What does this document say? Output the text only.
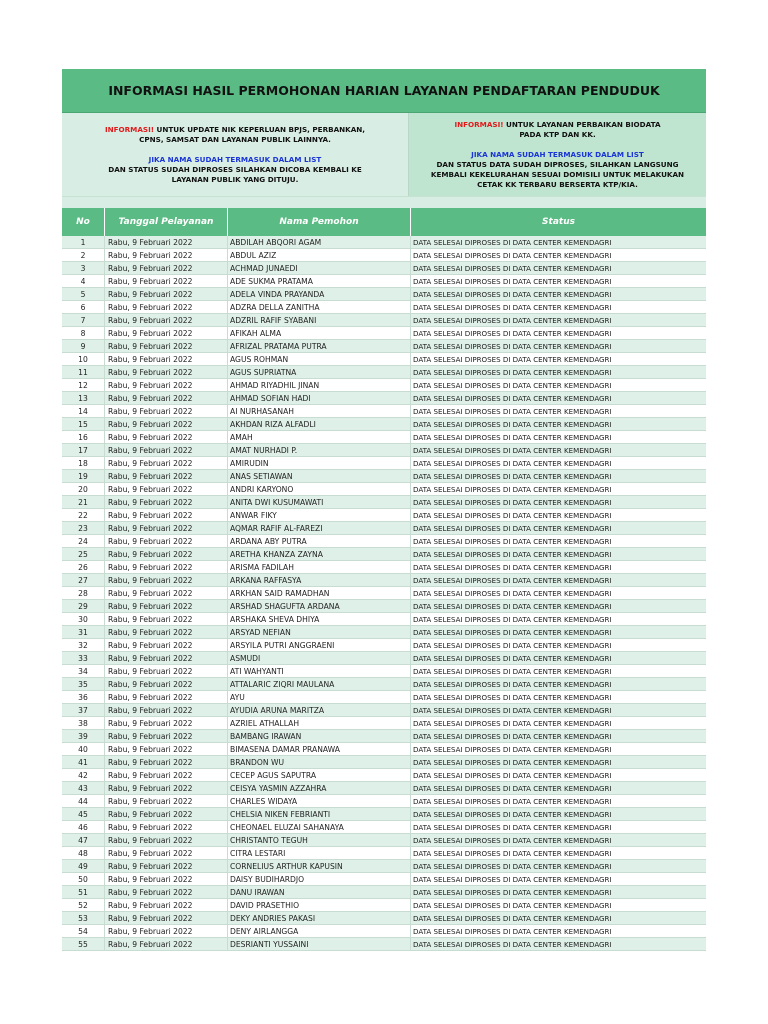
INFORMASI HASIL PERMOHONAN HARIAN LAYANAN PENDAFTARAN PENDUDUK
INFORMASI! UNTUK UPDATE NIK KEPERLUAN BPJS, PERBANKAN,
CPNS, SAMSAT DAN LAYANAN PUBLIK LAINNYA.
JIKA NAMA SUDAH TERMASUK DALAM LIST
DAN STATUS SUDAH DIPROSES SILAHKAN DICOBA KEMBALI KE
LAYANAN PUBLIK YANG DITUJU.
INFORMASI! UNTUK LAYANAN PERBAIKAN BIODATA
PADA KTP DAN KK.
JIKA NAMA SUDAH TERMASUK DALAM LIST
DAN STATUS DATA SUDAH DIPROSES, SILAHKAN LANGSUNG
KEMBALI KEKELURAHAN SESUAI DOMISILI UNTUK MELAKUKAN
CETAK KK TERBARU BERSERTA KTP/KIA.
No	Tanggal Pelayanan	Nama Pemohon	Status
1	Rabu, 9 Februari 2022	ABDILAH ABQORI AGAM	DATA SELESAI DIPROSES DI DATA CENTER KEMENDAGRI
2	Rabu, 9 Februari 2022	ABDUL AZIZ	DATA SELESAI DIPROSES DI DATA CENTER KEMENDAGRI
3	Rabu, 9 Februari 2022	ACHMAD JUNAEDI	DATA SELESAI DIPROSES DI DATA CENTER KEMENDAGRI
4	Rabu, 9 Februari 2022	ADE SUKMA PRATAMA	DATA SELESAI DIPROSES DI DATA CENTER KEMENDAGRI
5	Rabu, 9 Februari 2022	ADELA VINDA PRAYANDA	DATA SELESAI DIPROSES DI DATA CENTER KEMENDAGRI
6	Rabu, 9 Februari 2022	ADZRA DELLA ZANITHA	DATA SELESAI DIPROSES DI DATA CENTER KEMENDAGRI
7	Rabu, 9 Februari 2022	ADZRIL RAFIF SYABANI	DATA SELESAI DIPROSES DI DATA CENTER KEMENDAGRI
8	Rabu, 9 Februari 2022	AFIKAH ALMA	DATA SELESAI DIPROSES DI DATA CENTER KEMENDAGRI
9	Rabu, 9 Februari 2022	AFRIZAL PRATAMA PUTRA	DATA SELESAI DIPROSES DI DATA CENTER KEMENDAGRI
10	Rabu, 9 Februari 2022	AGUS ROHMAN	DATA SELESAI DIPROSES DI DATA CENTER KEMENDAGRI
11	Rabu, 9 Februari 2022	AGUS SUPRIATNA	DATA SELESAI DIPROSES DI DATA CENTER KEMENDAGRI
12	Rabu, 9 Februari 2022	AHMAD RIYADHIL JINAN	DATA SELESAI DIPROSES DI DATA CENTER KEMENDAGRI
13	Rabu, 9 Februari 2022	AHMAD SOFIAN HADI	DATA SELESAI DIPROSES DI DATA CENTER KEMENDAGRI
14	Rabu, 9 Februari 2022	AI NURHASANAH	DATA SELESAI DIPROSES DI DATA CENTER KEMENDAGRI
15	Rabu, 9 Februari 2022	AKHDAN RIZA ALFADLI	DATA SELESAI DIPROSES DI DATA CENTER KEMENDAGRI
16	Rabu, 9 Februari 2022	AMAH	DATA SELESAI DIPROSES DI DATA CENTER KEMENDAGRI
17	Rabu, 9 Februari 2022	AMAT NURHADI P.	DATA SELESAI DIPROSES DI DATA CENTER KEMENDAGRI
18	Rabu, 9 Februari 2022	AMIRUDIN	DATA SELESAI DIPROSES DI DATA CENTER KEMENDAGRI
19	Rabu, 9 Februari 2022	ANAS SETIAWAN	DATA SELESAI DIPROSES DI DATA CENTER KEMENDAGRI
20	Rabu, 9 Februari 2022	ANDRI KARYONO	DATA SELESAI DIPROSES DI DATA CENTER KEMENDAGRI
21	Rabu, 9 Februari 2022	ANITA DWI KUSUMAWATI	DATA SELESAI DIPROSES DI DATA CENTER KEMENDAGRI
22	Rabu, 9 Februari 2022	ANWAR FIKY	DATA SELESAI DIPROSES DI DATA CENTER KEMENDAGRI
23	Rabu, 9 Februari 2022	AQMAR RAFIF AL-FAREZI	DATA SELESAI DIPROSES DI DATA CENTER KEMENDAGRI
24	Rabu, 9 Februari 2022	ARDANA ABY PUTRA	DATA SELESAI DIPROSES DI DATA CENTER KEMENDAGRI
25	Rabu, 9 Februari 2022	ARETHA KHANZA ZAYNA	DATA SELESAI DIPROSES DI DATA CENTER KEMENDAGRI
26	Rabu, 9 Februari 2022	ARISMA FADILAH	DATA SELESAI DIPROSES DI DATA CENTER KEMENDAGRI
27	Rabu, 9 Februari 2022	ARKANA RAFFASYA	DATA SELESAI DIPROSES DI DATA CENTER KEMENDAGRI
28	Rabu, 9 Februari 2022	ARKHAN SAID RAMADHAN	DATA SELESAI DIPROSES DI DATA CENTER KEMENDAGRI
29	Rabu, 9 Februari 2022	ARSHAD SHAGUFTA ARDANA	DATA SELESAI DIPROSES DI DATA CENTER KEMENDAGRI
30	Rabu, 9 Februari 2022	ARSHAKA SHEVA DHIYA	DATA SELESAI DIPROSES DI DATA CENTER KEMENDAGRI
31	Rabu, 9 Februari 2022	ARSYAD NEFIAN	DATA SELESAI DIPROSES DI DATA CENTER KEMENDAGRI
32	Rabu, 9 Februari 2022	ARSYILA PUTRI ANGGRAENI	DATA SELESAI DIPROSES DI DATA CENTER KEMENDAGRI
33	Rabu, 9 Februari 2022	ASMUDI	DATA SELESAI DIPROSES DI DATA CENTER KEMENDAGRI
34	Rabu, 9 Februari 2022	ATI WAHYANTI	DATA SELESAI DIPROSES DI DATA CENTER KEMENDAGRI
35	Rabu, 9 Februari 2022	ATTALARIC ZIQRI MAULANA	DATA SELESAI DIPROSES DI DATA CENTER KEMENDAGRI
36	Rabu, 9 Februari 2022	AYU	DATA SELESAI DIPROSES DI DATA CENTER KEMENDAGRI
37	Rabu, 9 Februari 2022	AYUDIA ARUNA MARITZA	DATA SELESAI DIPROSES DI DATA CENTER KEMENDAGRI
38	Rabu, 9 Februari 2022	AZRIEL ATHALLAH	DATA SELESAI DIPROSES DI DATA CENTER KEMENDAGRI
39	Rabu, 9 Februari 2022	BAMBANG IRAWAN	DATA SELESAI DIPROSES DI DATA CENTER KEMENDAGRI
40	Rabu, 9 Februari 2022	BIMASENA DAMAR PRANAWA	DATA SELESAI DIPROSES DI DATA CENTER KEMENDAGRI
41	Rabu, 9 Februari 2022	BRANDON WU	DATA SELESAI DIPROSES DI DATA CENTER KEMENDAGRI
42	Rabu, 9 Februari 2022	CECEP AGUS SAPUTRA	DATA SELESAI DIPROSES DI DATA CENTER KEMENDAGRI
43	Rabu, 9 Februari 2022	CEISYA YASMIN AZZAHRA	DATA SELESAI DIPROSES DI DATA CENTER KEMENDAGRI
44	Rabu, 9 Februari 2022	CHARLES WIDAYA	DATA SELESAI DIPROSES DI DATA CENTER KEMENDAGRI
45	Rabu, 9 Februari 2022	CHELSIA NIKEN FEBRIANTI	DATA SELESAI DIPROSES DI DATA CENTER KEMENDAGRI
46	Rabu, 9 Februari 2022	CHEONAEL ELUZAI SAHANAYA	DATA SELESAI DIPROSES DI DATA CENTER KEMENDAGRI
47	Rabu, 9 Februari 2022	CHRISTANTO TEGUH	DATA SELESAI DIPROSES DI DATA CENTER KEMENDAGRI
48	Rabu, 9 Februari 2022	CITRA LESTARI	DATA SELESAI DIPROSES DI DATA CENTER KEMENDAGRI
49	Rabu, 9 Februari 2022	CORNELIUS ARTHUR KAPUSIN	DATA SELESAI DIPROSES DI DATA CENTER KEMENDAGRI
50	Rabu, 9 Februari 2022	DAISY BUDIHARDJO	DATA SELESAI DIPROSES DI DATA CENTER KEMENDAGRI
51	Rabu, 9 Februari 2022	DANU IRAWAN	DATA SELESAI DIPROSES DI DATA CENTER KEMENDAGRI
52	Rabu, 9 Februari 2022	DAVID PRASETHIO	DATA SELESAI DIPROSES DI DATA CENTER KEMENDAGRI
53	Rabu, 9 Februari 2022	DEKY ANDRIES PAKASI	DATA SELESAI DIPROSES DI DATA CENTER KEMENDAGRI
54	Rabu, 9 Februari 2022	DENY AIRLANGGA	DATA SELESAI DIPROSES DI DATA CENTER KEMENDAGRI
55	Rabu, 9 Februari 2022	DESRIANTI YUSSAINI	DATA SELESAI DIPROSES DI DATA CENTER KEMENDAGRI
